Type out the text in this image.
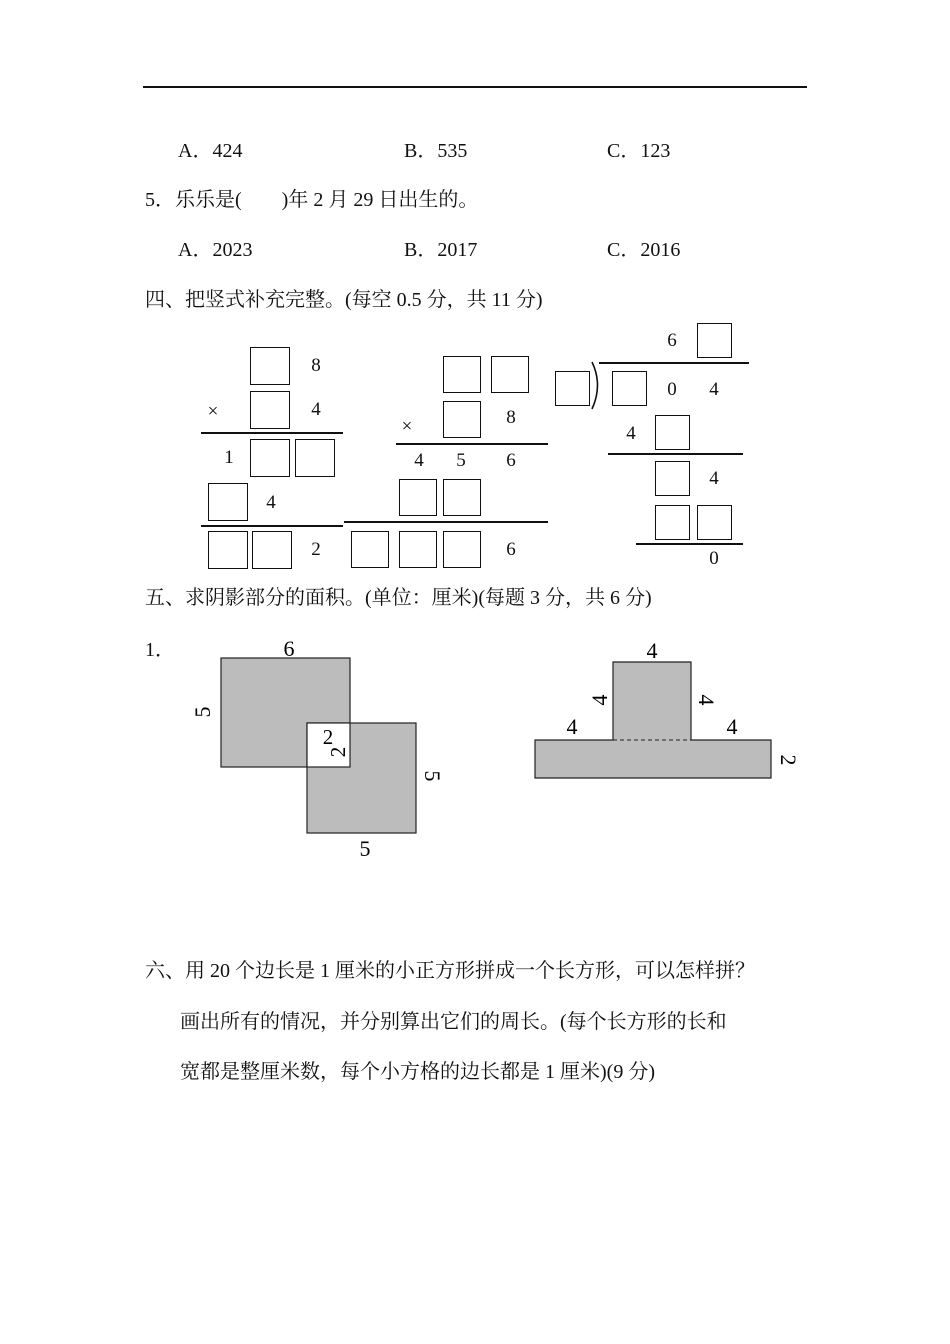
A．424	B．535	C．123
5．乐乐是(　　)年 2 月 29 日出生的。
A．2023	B．2017	C．2016
四、把竖式补充完整。(每空 0.5 分，共 11 分)
8
×	4
1
4
2
×	8
4 5 6
6
6
0 4
4
4
0
五、求阴影部分的面积。(单位：厘米)(每题 3 分，共 6 分)
1．	6
5
2
2
5
5
4
4	4
4	4
2
六、用 20 个边长是 1 厘米的小正方形拼成一个长方形，可以怎样拼？
画出所有的情况，并分别算出它们的周长。(每个长方形的长和
宽都是整厘米数，每个小方格的边长都是 1 厘米)(9 分)
